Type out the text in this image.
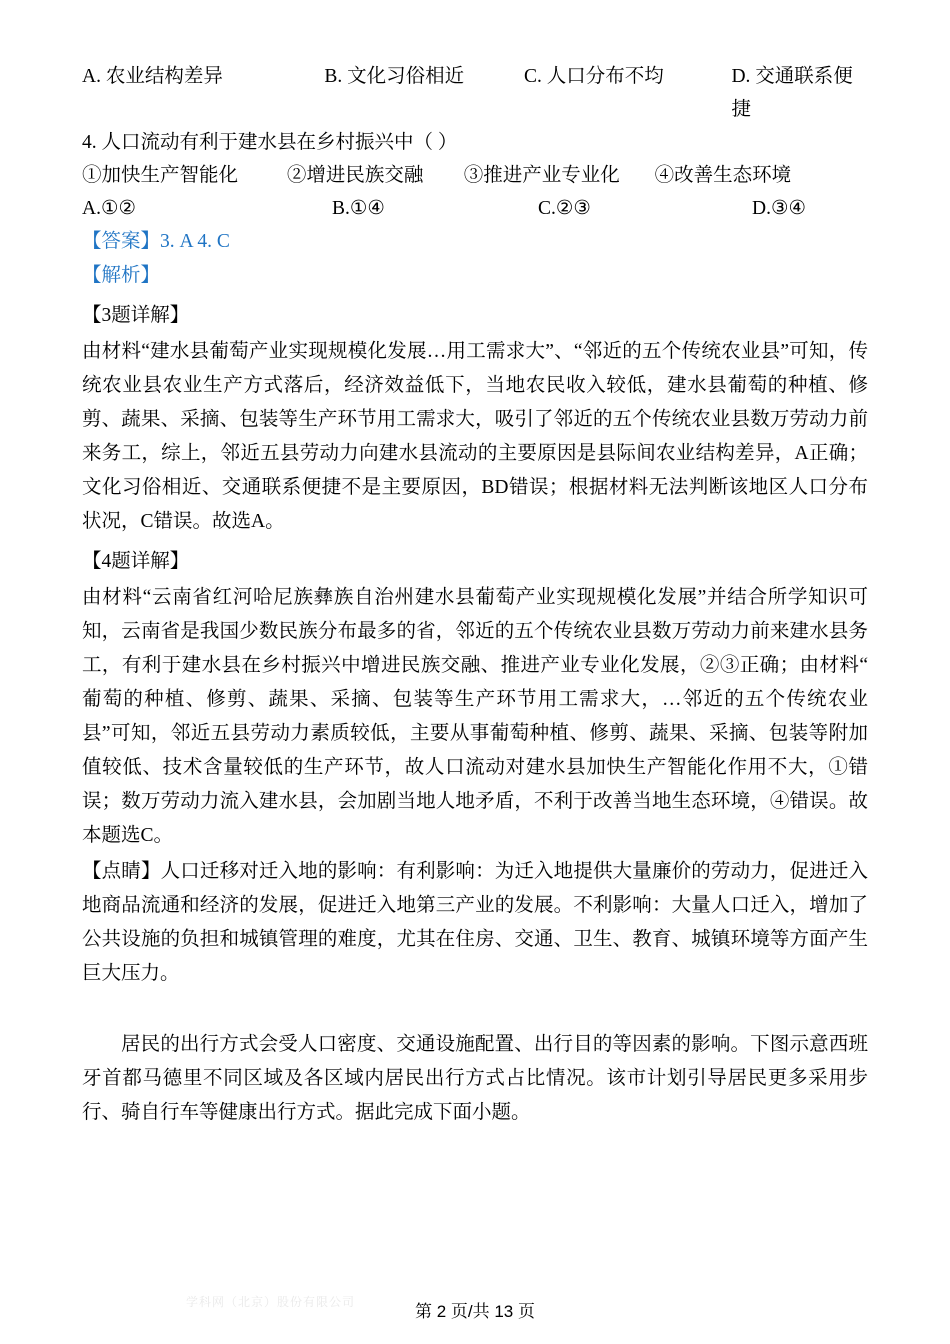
A. 农业结构差异	B. 文化习俗相近	C. 人口分布不均	D. 交通联系便捷
4. 人口流动有利于建水县在乡村振兴中（ ）
①加快生产智能化	②增进民族交融 ③推进产业专业化 ④改善生态环境
A.①②	B.①④	C.②③	D.③④
【答案】3. A 4. C
【解析】
【3题详解】

由材料“建水县葡萄产业实现规模化发展…用工需求大”、“邻近的五个传统农业县”可知，传统农业县农业生产方式落后，经济效益低下，当地农民收入较低，建水县葡萄的种植、修剪、蔬果、采摘、包装等生产环节用工需求大，吸引了邻近的五个传统农业县数万劳动力前来务工，综上，邻近五县劳动力向建水县流动的主要原因是县际间农业结构差异，A正确；文化习俗相近、交通联系便捷不是主要原因，BD错误；根据材料无法判断该地区人口分布状况，C错误。故选A。

【4题详解】

由材料“云南省红河哈尼族彝族自治州建水县葡萄产业实现规模化发展”并结合所学知识可知，云南省是我国少数民族分布最多的省，邻近的五个传统农业县数万劳动力前来建水县务工，有利于建水县在乡村振兴中增进民族交融、推进产业专业化发展，②③正确；由材料“　　葡萄的种植、修剪、蔬果、采摘、包装等生产环节用工需求大，…邻近的五个传统农业县”可知，邻近五县劳动力素质较低，主要从事葡萄种植、修剪、蔬果、采摘、包装等附加值较低、技术含量较低的生产环节，故人口流动对建水县加快生产智能化作用不大，①错误；数万劳动力流入建水县，会加剧当地人地矛盾，不利于改善当地生态环境，④错误。故本题选C。

【点睛】人口迁移对迁入地的影响：有利影响：为迁入地提供大量廉价的劳动力，促进迁入地商品流通和经济的发展，促进迁入地第三产业的发展。不利影响：大量人口迁入，增加了公共设施的负担和城镇管理的难度，尤其在住房、交通、卫生、教育、城镇环境等方面产生巨大压力。

居民的出行方式会受人口密度、交通设施配置、出行目的等因素的影响。下图示意西班牙首都马德里不同区域及各区域内居民出行方式占比情况。该市计划引导居民更多采用步行、骑自行车等健康出行方式。据此完成下面小题。

学科网（北京）股份有限公司	第 2 页/共 13 页
